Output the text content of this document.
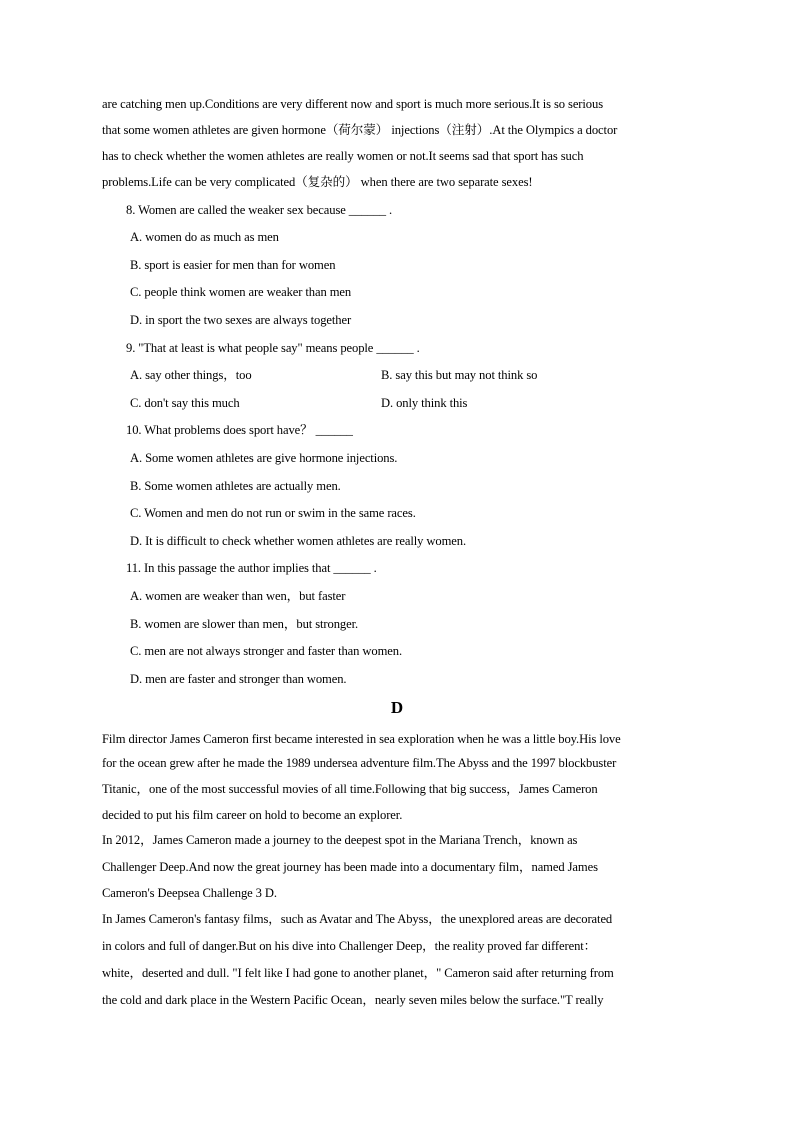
are catching men up.Conditions are very different now and sport is much more serious.It is so serious
that some women athletes are given hormone（荷尔蒙） injections（注射）.At the Olympics a doctor
has to check whether the women athletes are really women or not.It seems sad that sport has such
problems.Life can be very complicated（复杂的） when there are two separate sexes!
8. Women are called the weaker sex because ______ .
A. women do as much as men
B. sport is easier for men than for women
C. people think women are weaker than men
D. in sport the two sexes are always together
9. "That at least is what people say" means people ______ .
A. say other things，too	B. say this but may not think so
C. don't say this much	D. only think this
10. What problems does sport have？ ______
A. Some women athletes are give hormone injections.
B. Some women athletes are actually men.
C. Women and men do not run or swim in the same races.
D. It is difficult to check whether women athletes are really women.
11. In this passage the author implies that ______ .
A. women are weaker than wen，but faster
B. women are slower than men，but stronger.
C. men are not always stronger and faster than women.
D. men are faster and stronger than women.
D
Film director James Cameron first became interested in sea exploration when he was a little boy.His love
for the ocean grew after he made the 1989 undersea adventure film.The Abyss and the 1997 blockbuster
Titanic，one of the most successful movies of all time.Following that big success，James Cameron
decided to put his film career on hold to become an explorer.
In 2012，James Cameron made a journey to the deepest spot in the Mariana Trench，known as
Challenger Deep.And now the great journey has been made into a documentary film，named James
Cameron's Deepsea Challenge 3 D.
In James Cameron's fantasy films，such as Avatar and The Abyss，the unexplored areas are decorated
in colors and full of danger.But on his dive into Challenger Deep，the reality proved far different：
white，deserted and dull. "I felt like I had gone to another planet，" Cameron said after returning from
the cold and dark place in the Western Pacific Ocean，nearly seven miles below the surface."T really
